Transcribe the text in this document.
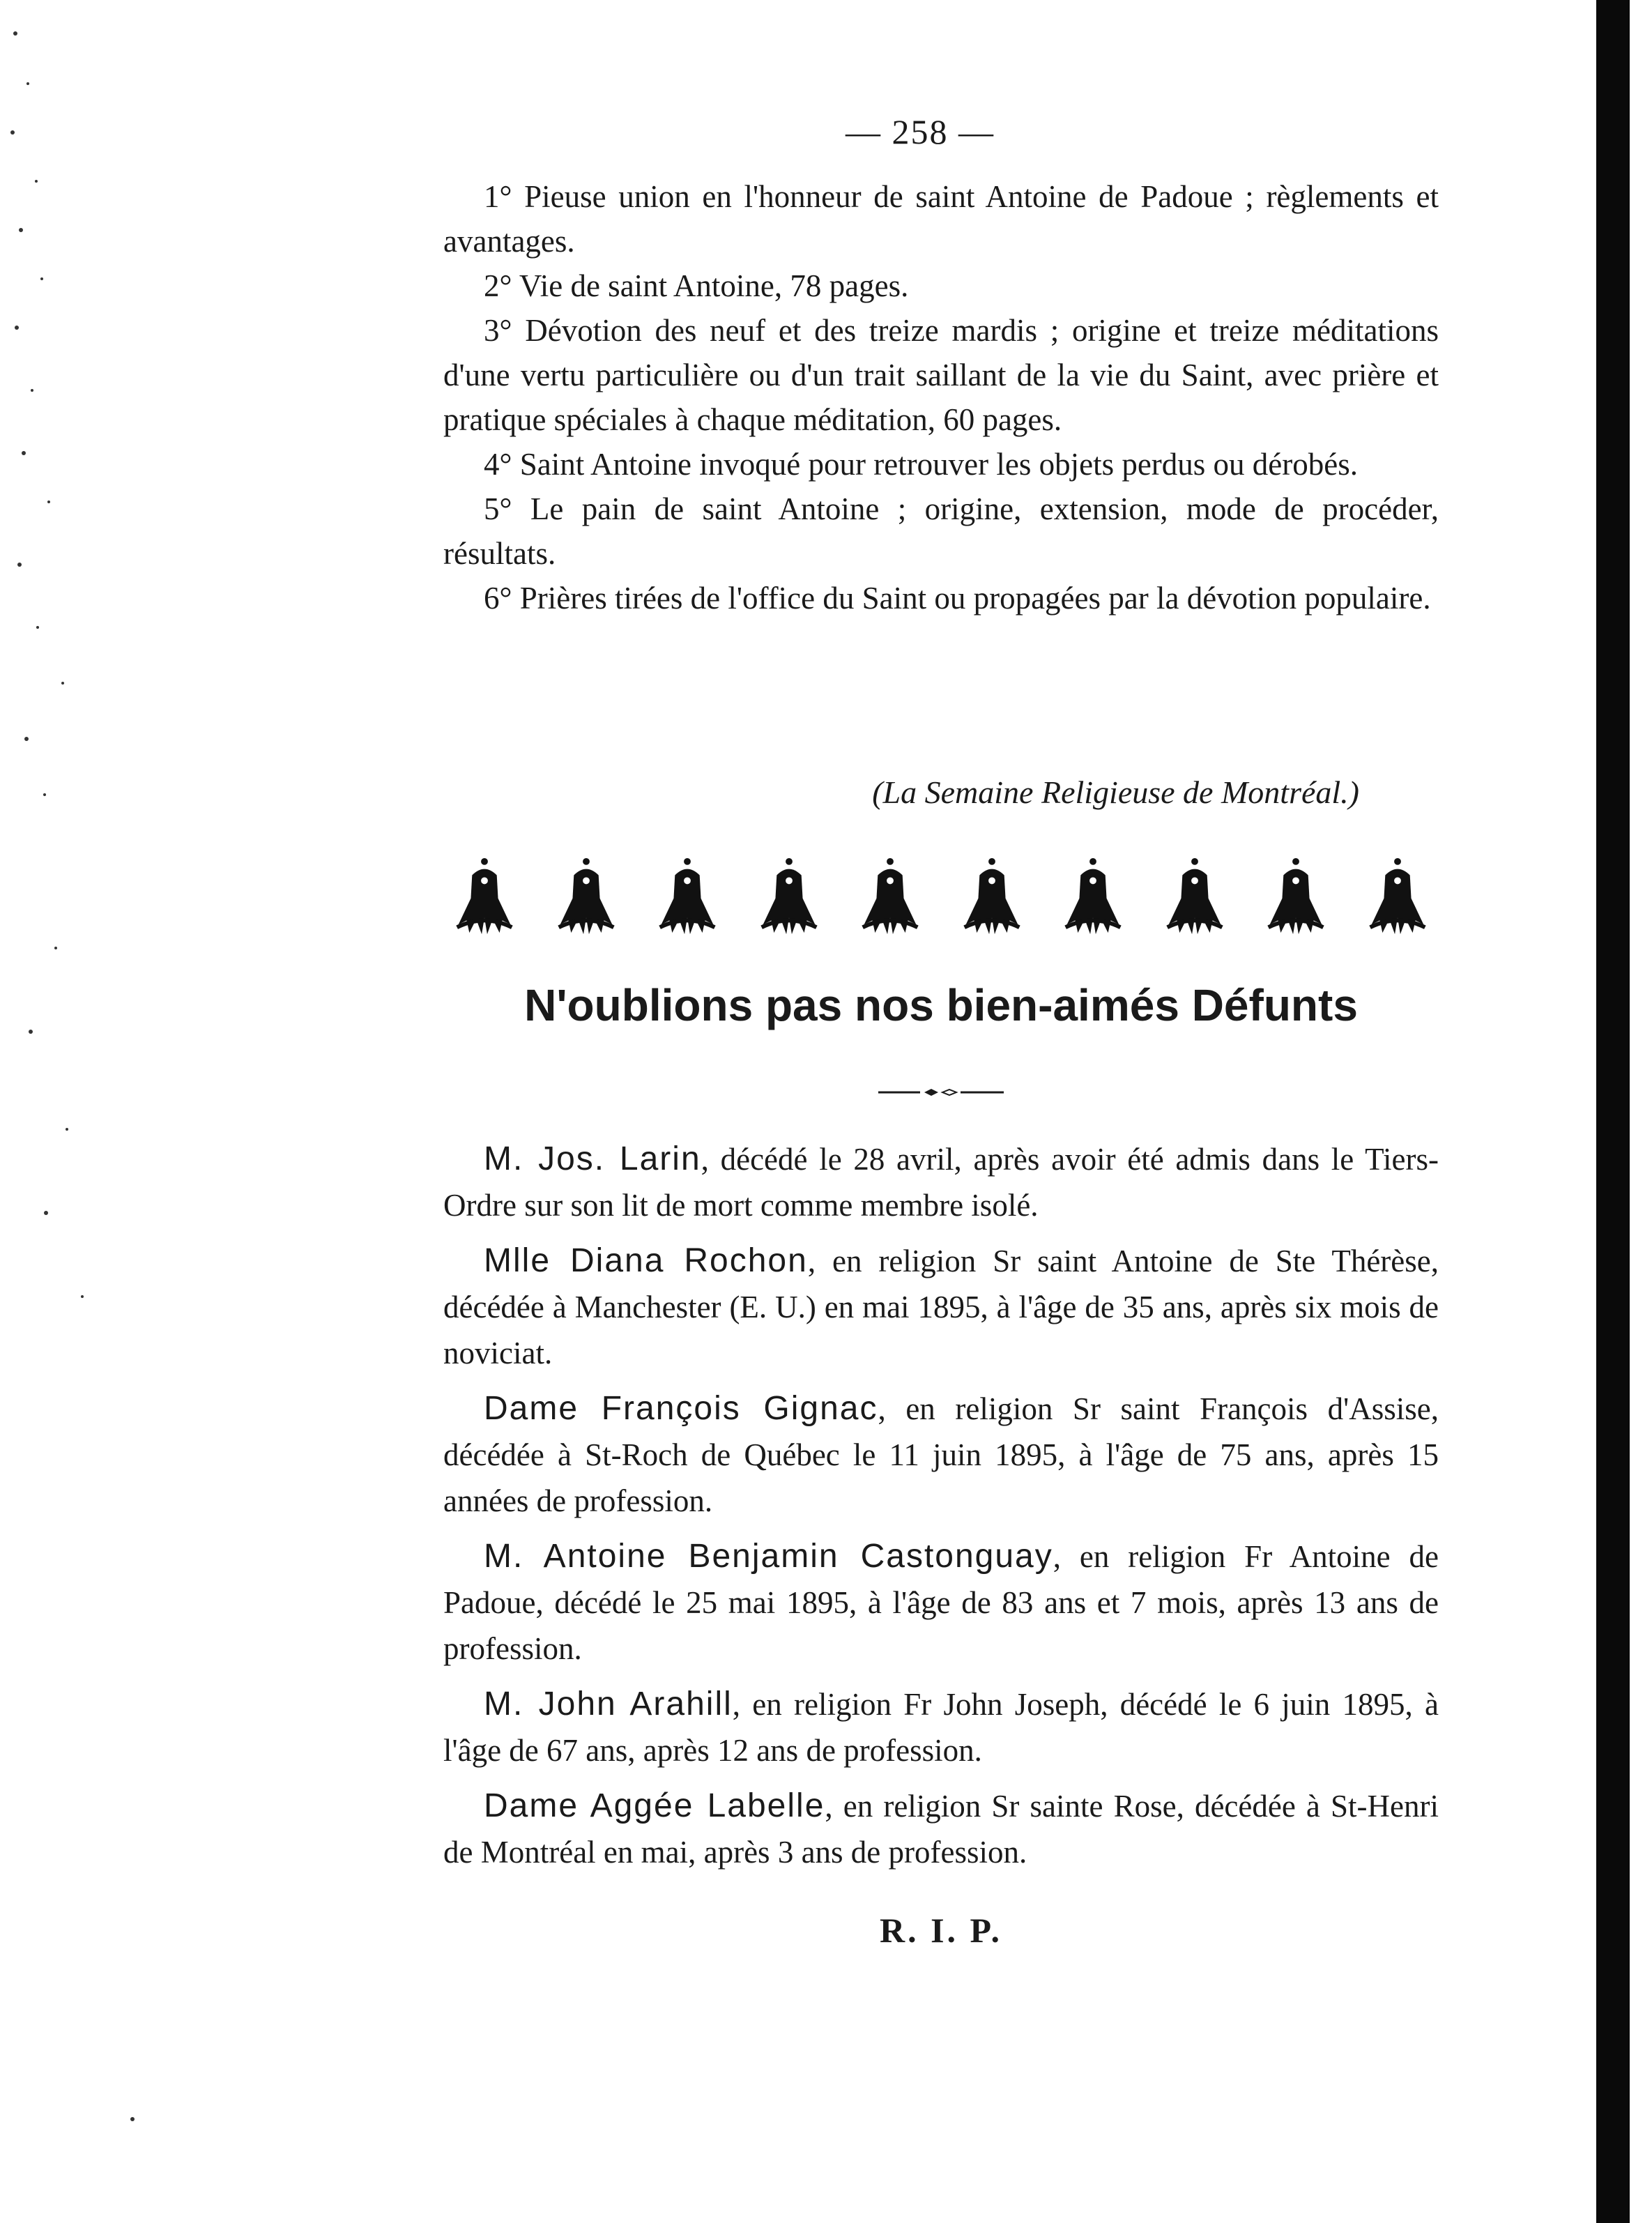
— 258 —

1° Pieuse union en l'honneur de saint Antoine de Padoue ; règlements et avantages.

2° Vie de saint Antoine, 78 pages.

3° Dévotion des neuf et des treize mardis ; origine et treize méditations d'une vertu particulière ou d'un trait saillant de la vie du Saint, avec prière et pratique spéciales à chaque méditation, 60 pages.

4° Saint Antoine invoqué pour retrouver les objets perdus ou dérobés.

5° Le pain de saint Antoine ; origine, extension, mode de procéder, résultats.

6° Prières tirées de l'office du Saint ou propagées par la dévotion populaire.

(La Semaine Religieuse de Montréal.)
N'oublions pas nos bien-aimés Défunts

M. Jos. Larin, décédé le 28 avril, après avoir été admis dans le Tiers-Ordre sur son lit de mort comme membre isolé.

Mlle Diana Rochon, en religion Sr saint Antoine de Ste Thérèse, décédée à Manchester (E. U.) en mai 1895, à l'âge de 35 ans, après six mois de noviciat.

Dame François Gignac, en religion Sr saint François d'Assise, décédée à St-Roch de Québec le 11 juin 1895, à l'âge de 75 ans, après 15 années de profession.

M. Antoine Benjamin Castonguay, en religion Fr Antoine de Padoue, décédé le 25 mai 1895, à l'âge de 83 ans et 7 mois, après 13 ans de profession.

M. John Arahill, en religion Fr John Joseph, décédé le 6 juin 1895, à l'âge de 67 ans, après 12 ans de profession.

Dame Aggée Labelle, en religion Sr sainte Rose, décédée à St-Henri de Montréal en mai, après 3 ans de profession.

R. I. P.
